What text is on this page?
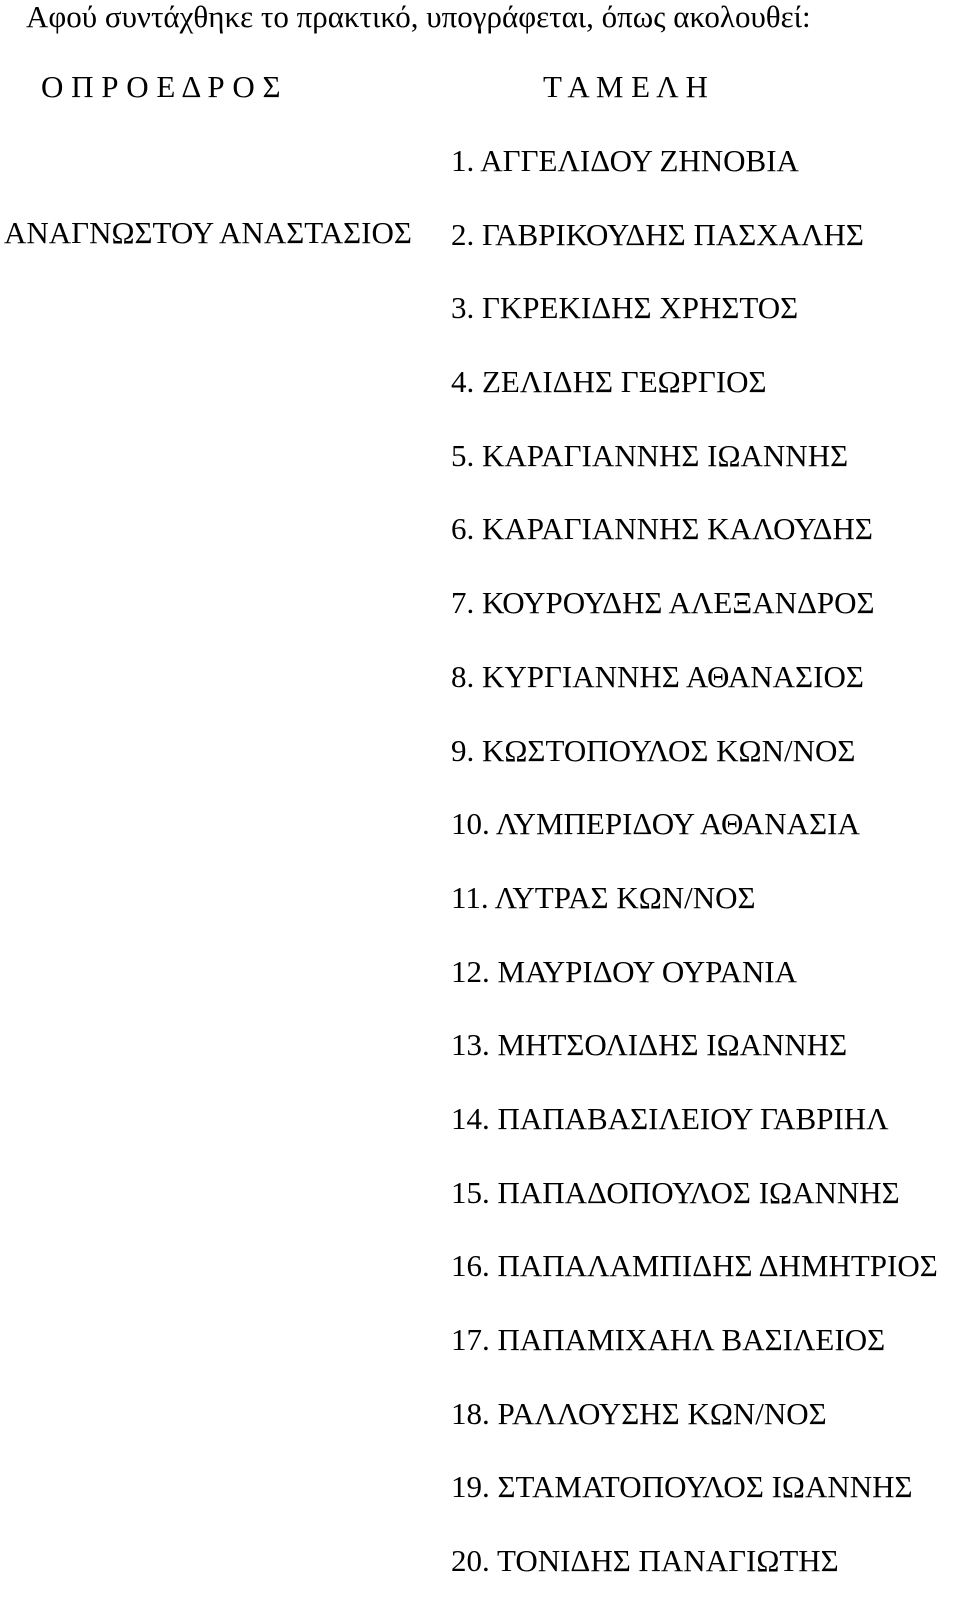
Αφού συντάχθηκε το πρακτικό, υπογράφεται, όπως ακολουθεί:
Ο Π Ρ Ο Ε Δ Ρ Ο Σ	Τ Α Μ Ε Λ Η
ΑΝΑΓΝΩΣΤΟΥ ΑΝΑΣΤΑΣΙΟΣ
1. ΑΓΓΕΛΙΔΟΥ ΖΗΝΟΒΙΑ
2. ΓΑΒΡΙΚΟΥΔΗΣ ΠΑΣΧΑΛΗΣ
3. ΓΚΡΕΚΙΔΗΣ ΧΡΗΣΤΟΣ
4. ΖΕΛΙΔΗΣ ΓΕΩΡΓΙΟΣ
5. ΚΑΡΑΓΙΑΝΝΗΣ ΙΩΑΝΝΗΣ
6. ΚΑΡΑΓΙΑΝΝΗΣ ΚΑΛΟΥΔΗΣ
7. ΚΟΥΡΟΥΔΗΣ ΑΛΕΞΑΝΔΡΟΣ
8. ΚΥΡΓΙΑΝΝΗΣ ΑΘΑΝΑΣΙΟΣ
9. ΚΩΣΤΟΠΟΥΛΟΣ ΚΩΝ/ΝΟΣ
10. ΛΥΜΠΕΡΙΔΟΥ ΑΘΑΝΑΣΙΑ
11. ΛΥΤΡΑΣ ΚΩΝ/ΝΟΣ
12. ΜΑΥΡΙΔΟΥ ΟΥΡΑΝΙΑ
13. ΜΗΤΣΟΛΙΔΗΣ ΙΩΑΝΝΗΣ
14. ΠΑΠΑΒΑΣΙΛΕΙΟΥ ΓΑΒΡΙΗΛ
15. ΠΑΠΑΔΟΠΟΥΛΟΣ ΙΩΑΝΝΗΣ
16. ΠΑΠΑΛΑΜΠΙΔΗΣ ΔΗΜΗΤΡΙΟΣ
17. ΠΑΠΑΜΙΧΑΗΛ ΒΑΣΙΛΕΙΟΣ
18. ΡΑΛΛΟΥΣΗΣ ΚΩΝ/ΝΟΣ
19. ΣΤΑΜΑΤΟΠΟΥΛΟΣ ΙΩΑΝΝΗΣ
20. ΤΟΝΙΔΗΣ ΠΑΝΑΓΙΩΤΗΣ
